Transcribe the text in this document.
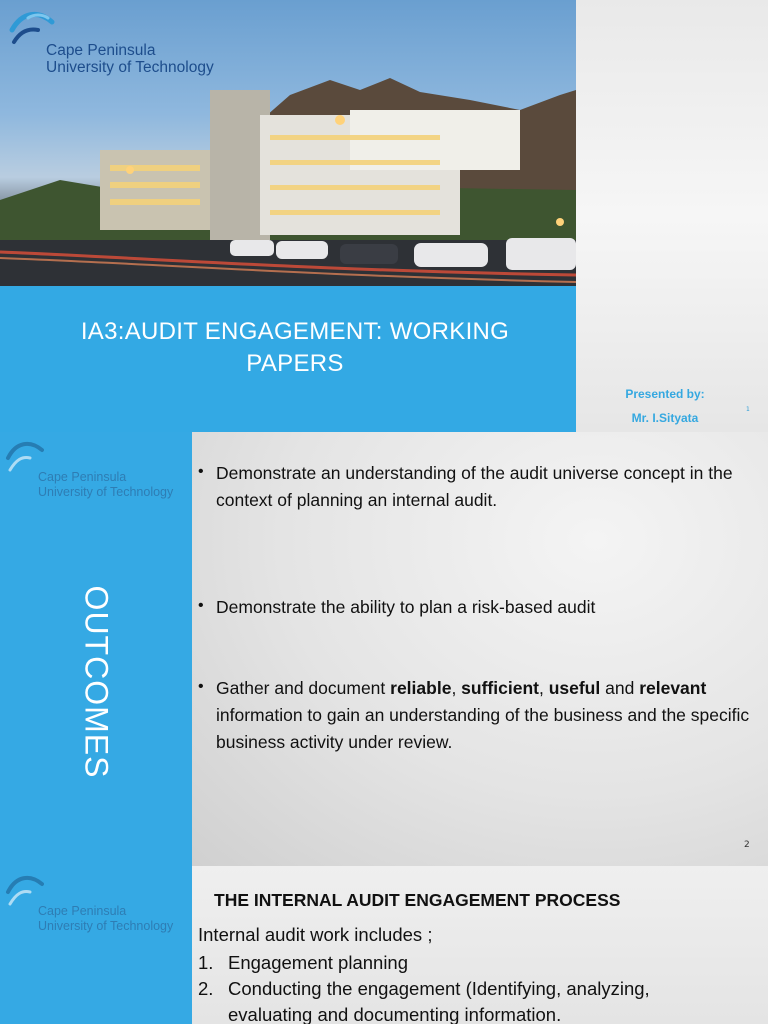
Cape Peninsula
University of Technology
IA3:AUDIT ENGAGEMENT: WORKING PAPERS
Presented by:
Mr. I.Sityata
1
Cape Peninsula
University of Technology
OUTCOMES
• Demonstrate an understanding of the audit universe concept in the context of planning an internal audit.
• Demonstrate the ability to plan a risk-based audit
• Gather and document reliable, sufficient, useful and relevant information to gain an understanding of the business and the specific business activity under review.
2
Cape Peninsula
University of Technology
THE INTERNAL AUDIT ENGAGEMENT PROCESS
Internal audit work includes ;
1. Engagement planning
2. Conducting the engagement (Identifying, analyzing,
evaluating and documenting information.
